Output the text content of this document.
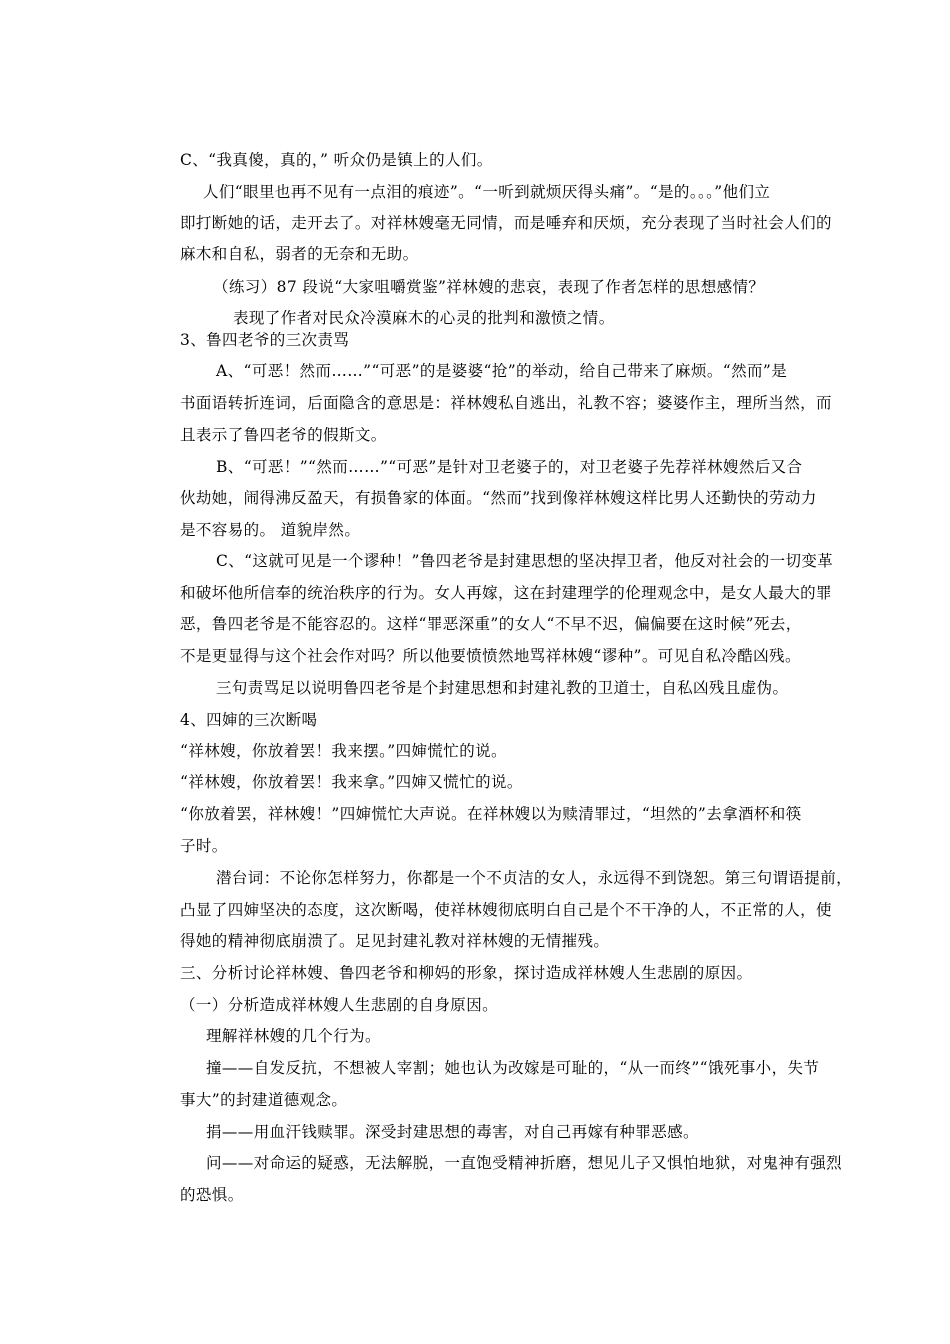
C、“我真傻，真的，” 听众仍是镇上的人们。
人们“眼里也再不见有一点泪的痕迹”。“一听到就烦厌得头痛”。“是的。。。”他们立
即打断她的话，走开去了。对祥林嫂毫无同情，而是唾弃和厌烦，充分表现了当时社会人们的
麻木和自私，弱者的无奈和无助。
（练习）87 段说“大家咀嚼赏鉴”祥林嫂的悲哀，表现了作者怎样的思想感情？
表现了作者对民众冷漠麻木的心灵的批判和激愤之情。
3、鲁四老爷的三次责骂
A、“可恶！然而……”“可恶”的是婆婆“抢”的举动，给自己带来了麻烦。“然而”是
书面语转折连词，后面隐含的意思是：祥林嫂私自逃出，礼教不容；婆婆作主，理所当然，而
且表示了鲁四老爷的假斯文。
B、“可恶！”“然而……”“可恶”是针对卫老婆子的，对卫老婆子先荐祥林嫂然后又合
伙劫她，闹得沸反盈天，有损鲁家的体面。“然而”找到像祥林嫂这样比男人还勤快的劳动力
是不容易的。 道貌岸然。
C、“这就可见是一个谬种！”鲁四老爷是封建思想的坚决捍卫者，他反对社会的一切变革
和破坏他所信奉的统治秩序的行为。女人再嫁，这在封建理学的伦理观念中，是女人最大的罪
恶，鲁四老爷是不能容忍的。这样“罪恶深重”的女人“不早不迟，偏偏要在这时候”死去，
不是更显得与这个社会作对吗？所以他要愤愤然地骂祥林嫂“谬种”。可见自私冷酷凶残。
三句责骂足以说明鲁四老爷是个封建思想和封建礼教的卫道士，自私凶残且虚伪。
4、四婶的三次断喝
“祥林嫂，你放着罢！我来摆。”四婶慌忙的说。
“祥林嫂，你放着罢！我来拿。”四婶又慌忙的说。
“你放着罢，祥林嫂！”四婶慌忙大声说。在祥林嫂以为赎清罪过，“坦然的”去拿酒杯和筷
子时。
潜台词：不论你怎样努力，你都是一个不贞洁的女人，永远得不到饶恕。第三句谓语提前，
凸显了四婶坚决的态度，这次断喝，使祥林嫂彻底明白自己是个不干净的人，不正常的人，使
得她的精神彻底崩溃了。足见封建礼教对祥林嫂的无情摧残。
三、分析讨论祥林嫂、鲁四老爷和柳妈的形象，探讨造成祥林嫂人生悲剧的原因。
（一）分析造成祥林嫂人生悲剧的自身原因。
理解祥林嫂的几个行为。
撞——自发反抗，不想被人宰割；她也认为改嫁是可耻的，“从一而终”“饿死事小，失节
事大”的封建道德观念。
捐——用血汗钱赎罪。深受封建思想的毒害，对自己再嫁有种罪恶感。
问——对命运的疑惑，无法解脱，一直饱受精神折磨，想见儿子又惧怕地狱，对鬼神有强烈
的恐惧。
